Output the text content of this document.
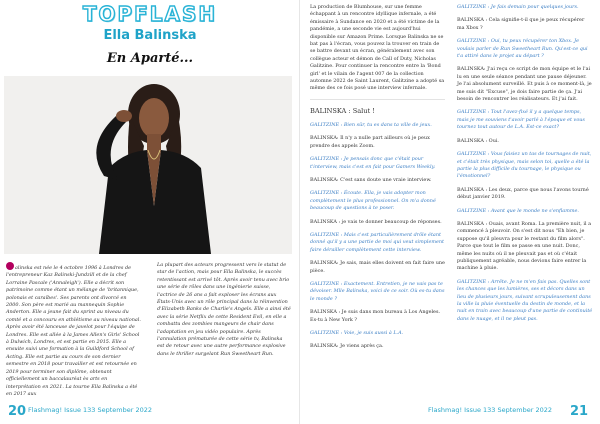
TOPFLASH
Ella Balinska
En Aparté...

alinska est née le 4 octobre 1996 à Londres de l'entrepreneur Kaz Balinski-Jundzill et de la chef Lorraine Pascale ('Annaleigh'). Elle a décrit son patrimoine comme étant un mélange de 'britannique, polonais et caraïbes'. Ses parents ont divorcé en 2000. Son père est marié au mannequin Sophie Anderton. Elle a jeune fait du sprint au niveau du comté et a concouru en athlétisme au niveau national. Après avoir été lanceuse de javelot pour l'équipe de Londres. Elle est allée à la James Allen's Girls' School à Dulwich, Londres, et est partie en 2015. Elle a ensuite suivi une formation à la Guildford School of Acting. Elle est partie au cours de son dernier semestre en 2018 pour travailler et est retournée en 2019 pour terminer son diplôme, obtenant officiellement un baccalauréat ès arts en interprétation en 2021. La tourne Ella Balinska a été en 2017 aux

La plupart des acteurs progressent vers le statut de star de l'action, mais pour Ella Balinska, le succès retentissant est arrivé tôt. Après avoir tenu avec brio une série de rôles dans une ingénierie suisse, l'actrice de 26 ans a fait exploser les écrans aux États-Unis avec un rôle principal dans la réinvention d'Elizabeth Banks de Charlie's Angels. Elle a ainsi été avec la série Netflix de cette Resident Evil, en elle a combattu des zombies mangeurs de chair dans l'adaptation en jeu vidéo populaire. Après l'annulation prématurée de cette série tv, Balinska est de retour avec une autre performance explosive dans le thriller surgelant Run Sweetheart Run.

20 Flashmag! Issue 133 September 2022

La production de Blumhouse, sur une femme échappant à un rencontre idyllique infernale, a été émissaire à Sundance en 2020 et a été victime de la pandémie, a une seconde vie est aujourd'hui disponible sur Amazon Prime. Lorsque Balinska ne se bat pas à l'écran, vous pouvez la trouver en train de se battre devant un écran, généralement avec son collègue acteur et démon de Call of Duty, Nicholas Galitzine. Pour continuer la rencontre entre la 'Bond girl' et le vilain de l'agent 007 de la collection automne 2022 de Saint Laurent, Galitzine a adopté sa même des ce fois posé une interview infernale.

BALINSKA : Salut !

GALITZINE : Bien sûr, tu es dans ta ville de jeux.

BALINSKA: Il n'y a nulle part ailleurs où je peux prendre des appels Zoom.

GALITZINE : Je pensais donc que c'était pour t'interview, mais c'est en fait pour Gamers Weekly.

BALINSKA: C'est sans doute une vraie interview.

GALITZINE : Écoute. Ella, je vais adopter mon complètement le plus professionnel. On m'a donné beaucoup de questions à te poser.

BALINSKA : je vais te donner beaucoup de réponses.

GALITZINE : Mais c'est particulièrement drôle étant donné qu'il y a une partie de moi qui veut simplement faire dérailler complètement cette interview.

BALINSKA: Je sais, mais elles doivent en fait faire une pièce.

GALITZINE : Exactement. Entretien, je ne vais pas te dévoiser. Mlle Balinska, voici de ce soir. Où es-tu dans le monde ?

BALINSKA : Je suis dans mon bureau à Los Angeles. Es-tu à New York ?

GALITZINE : Voie, je suis aussi à L.A.

BALINSKA: Je viens après ça.

GALITZINE : Je fais demain pour quelques jours.

BALINSKA : Cela signifie-t-il que je peux récupérer ma Xbox ?

GALITZINE : Oui, tu peux récupérer ton Xbox. Je voulais parler de Run Sweetheart Run. Qu'est-ce qui t'a attiré dans le projet au départ ?

BALINSKA: J'ai reçu ce script de mon équipe et le l'ai lu en une seule séance pendant une pause déjeuner. Je l'ai absolument surveillé. Et puis à ce moment-là, je me suis dit "Excuse", je dois faire partie de ça. J'ai besoin de rencontrer les réalisateurs. Et j'ai fait.

GALITZINE : Tout l'avez-fixé il y a quelque temps, mais je me souviens t'avoir parlé à l'époque et vous tournez tout autour de L.A. Est-ce exact?

BALINSKA : Oui.

GALITZINE : Vous faisiez un tas de tournages de nuit, et c'était très physique, mais selon toi, quelle a été la partie la plus difficile du tournage, le physique ou l'émotionnel?

BALINSKA : Les deux, parce que nous l'avons tourné début janvier 2019.

GALITZINE : Avant que le monde ne s'enflamme.

BALINSKA : Ouais, avant Roma. La première nuit, il a commencé à pleuvoir. On s'est dit nous "Eh bien, je suppose qu'il pleuvra pour le restant du film alors". Parce que tout le film se passe en une nuit. Donc, même les nuits où il ne pleuvait pas et où c'était publiquement agréable, nous devions faire entrer la machine à pluie.

GALITZINE : Arrête. Je ne m'en fais pas. Quelles sont les chances que les lumières, ses et décors dans un lieu de plusieurs jours, suivant scrupuleusement dans la ville la pluie éventuelle du destin de monde, et la nuit en train avec beaucoup d'une partie de continuité dans le nuage, et il ne pleut pas.

Flashmag! Issue 133 September 2022 21
